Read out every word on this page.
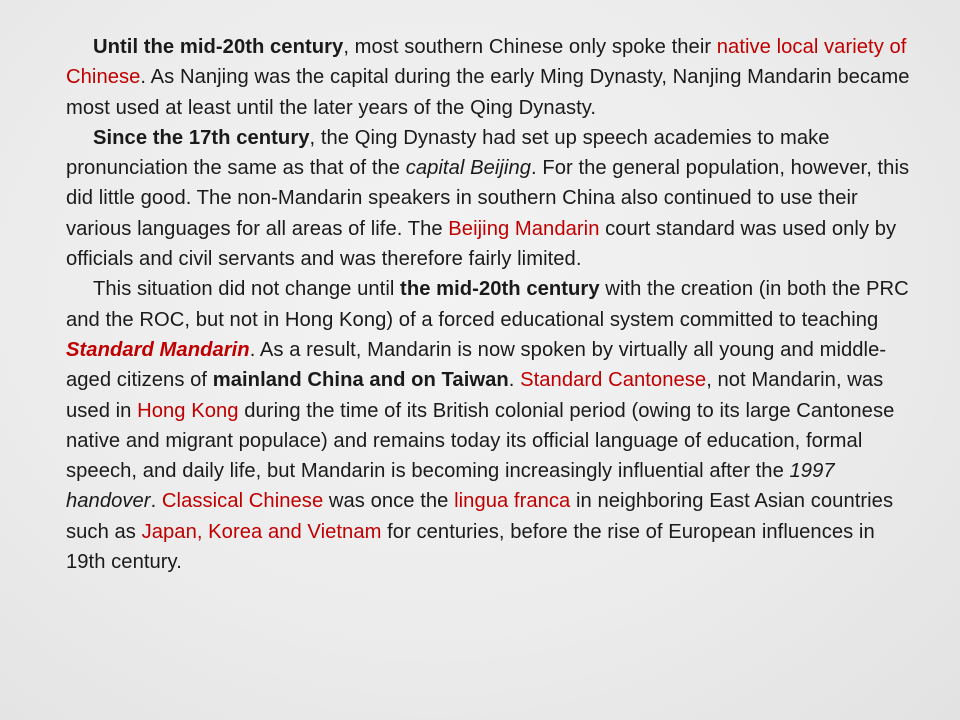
Until the mid-20th century, most southern Chinese only spoke their native local variety of Chinese. As Nanjing was the capital during the early Ming Dynasty, Nanjing Mandarin became most used at least until the later years of the Qing Dynasty.

Since the 17th century, the Qing Dynasty had set up speech academies to make pronunciation the same as that of the capital Beijing. For the general population, however, this did little good. The non-Mandarin speakers in southern China also continued to use their various languages for all areas of life. The Beijing Mandarin court standard was used only by officials and civil servants and was therefore fairly limited.

This situation did not change until the mid-20th century with the creation (in both the PRC and the ROC, but not in Hong Kong) of a forced educational system committed to teaching Standard Mandarin. As a result, Mandarin is now spoken by virtually all young and middle-aged citizens of mainland China and on Taiwan. Standard Cantonese, not Mandarin, was used in Hong Kong during the time of its British colonial period (owing to its large Cantonese native and migrant populace) and remains today its official language of education, formal speech, and daily life, but Mandarin is becoming increasingly influential after the 1997 handover. Classical Chinese was once the lingua franca in neighboring East Asian countries such as Japan, Korea and Vietnam for centuries, before the rise of European influences in 19th century.
